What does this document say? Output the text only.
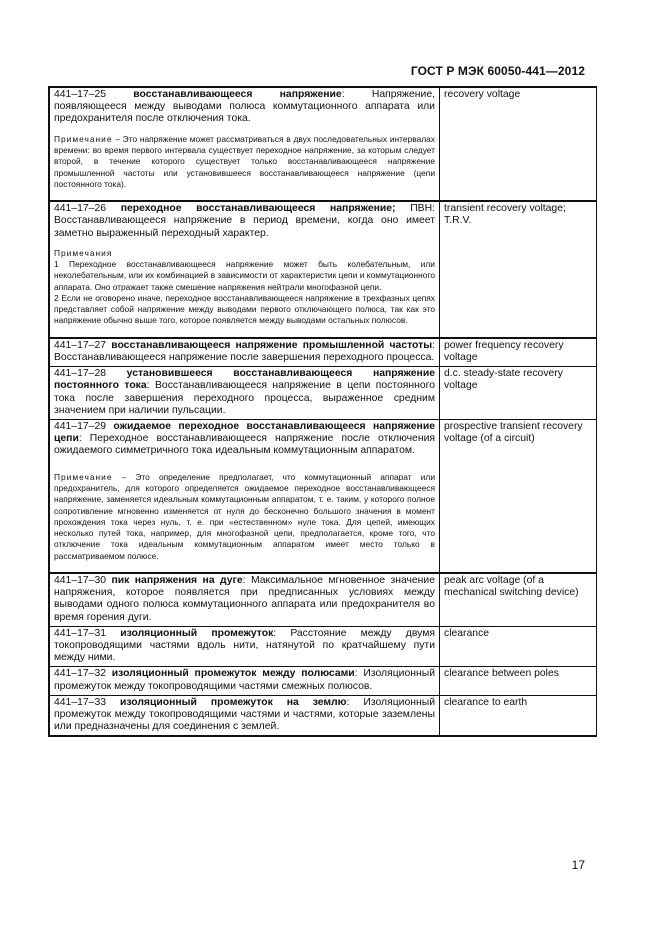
ГОСТ Р МЭК 60050-441—2012

441–17–25 восстанавливающееся напряжение: Напряжение, появляющееся между выводами полюса коммутационного аппарата или предохранителя после отключения тока.

Примечание – Это напряжение может рассматриваться в двух последовательных интервалах времени: во время первого интервала существует переходное напряжение, за которым следует второй, в течение которого существует только восстанавливающееся напряжение промышленной частоты или установившееся восстанавливающееся напряжение (цепи постоянного тока).	recovery voltage

441–17–26 переходное восстанавливающееся напряжение; ПВН: Восстанавливающееся напряжение в период времени, когда оно имеет заметно выраженный переходный характер.

Примечания

1 Переходное восстанавливающееся напряжение может быть колебательным, или неколебательным, или их комбинацией в зависимости от характеристик цепи и коммутационного аппарата. Оно отражает также смешение напряжения нейтрали многофазной цепи.

2 Если не оговорено иначе, переходное восстанавливающееся напряжение в трехфазных цепях представляет собой напряжение между выводами первого отключающего полюса, так как это напряжение обычно выше того, которое появляется между выводами остальных полюсов.	transient recovery voltage; T.R.V.

441–17–27 восстанавливающееся напряжение промышленной частоты: Восстанавливающееся напряжение после завершения переходного процесса.	power frequency recovery voltage

441–17–28 установившееся восстанавливающееся напряжение постоянного тока: Восстанавливающееся напряжение в цепи постоянного тока после завершения переходного процесса, выраженное средним значением при наличии пульсации.	d.c. steady-state recovery voltage

441–17–29 ожидаемое переходное восстанавливающееся напряжение цепи: Переходное восстанавливающееся напряжение после отключения ожидаемого симметричного тока идеальным коммутационным аппаратом.

Примечание – Это определение предполагает, что коммутационный аппарат или предохранитель, для которого определяется ожидаемое переходное восстанавливающееся напряжение, заменяется идеальным коммутационным аппаратом, т. е. таким, у которого полное сопротивление мгновенно изменяется от нуля до бесконечно большого значения в момент прохождения тока через нуль, т. е. при «естественном» нуле тока. Для цепей, имеющих несколько путей тока, например, для многофазной цепи, предполагается, кроме того, что отключение тока идеальным коммутационным аппаратом имеет место только в рассматриваемом полюсе.	prospective transient recovery voltage (of a circuit)

441–17–30 пик напряжения на дуге: Максимальное мгновенное значение напряжения, которое появляется при предписанных условиях между выводами одного полюса коммутационного аппарата или предохранителя во время горения дуги.	peak arc voltage (of a mechanical switching device)

441–17–31 изоляционный промежуток: Расстояние между двумя токопроводящими частями вдоль нити, натянутой по кратчайшему пути между ними.	clearance

441–17–32 изоляционный промежуток между полюсами: Изоляционный промежуток между токопроводящими частями смежных полюсов.	clearance between poles

441–17–33 изоляционный промежуток на землю: Изоляционный промежуток между токопроводящими частями и частями, которые заземлены или предназначены для соединения с землей.	clearance to earth
17
